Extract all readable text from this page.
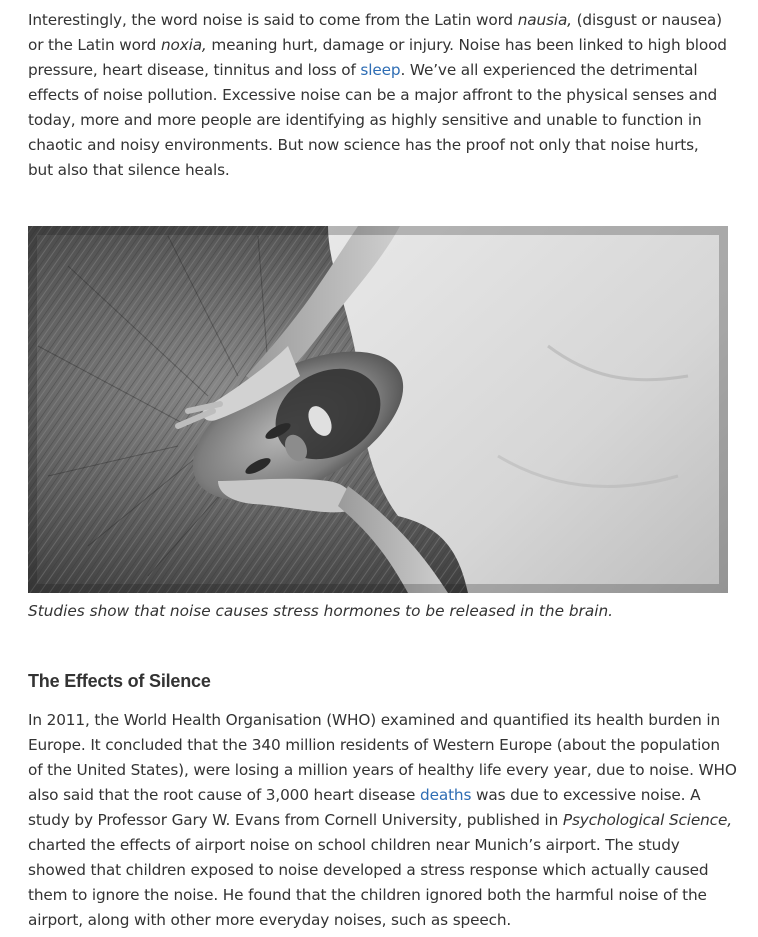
Interestingly, the word noise is said to come from the Latin word nausia, (disgust or nausea) or the Latin word noxia, meaning hurt, damage or injury. Noise has been linked to high blood pressure, heart disease, tinnitus and loss of sleep. We’ve all experienced the detrimental effects of noise pollution. Excessive noise can be a major affront to the physical senses and today, more and more people are identifying as highly sensitive and unable to function in chaotic and noisy environments. But now science has the proof not only that noise hurts, but also that silence heals.

Studies show that noise causes stress hormones to be released in the brain.
The Effects of Silence

In 2011, the World Health Organisation (WHO) examined and quantified its health burden in Europe. It concluded that the 340 million residents of Western Europe (about the population of the United States), were losing a million years of healthy life every year, due to noise. WHO also said that the root cause of 3,000 heart disease deaths was due to excessive noise. A study by Professor Gary W. Evans from Cornell University, published in Psychological Science, charted the effects of airport noise on school children near Munich’s airport. The study showed that children exposed to noise developed a stress response which actually caused them to ignore the noise. He found that the children ignored both the harmful noise of the airport, along with other more everyday noises, such as speech.
